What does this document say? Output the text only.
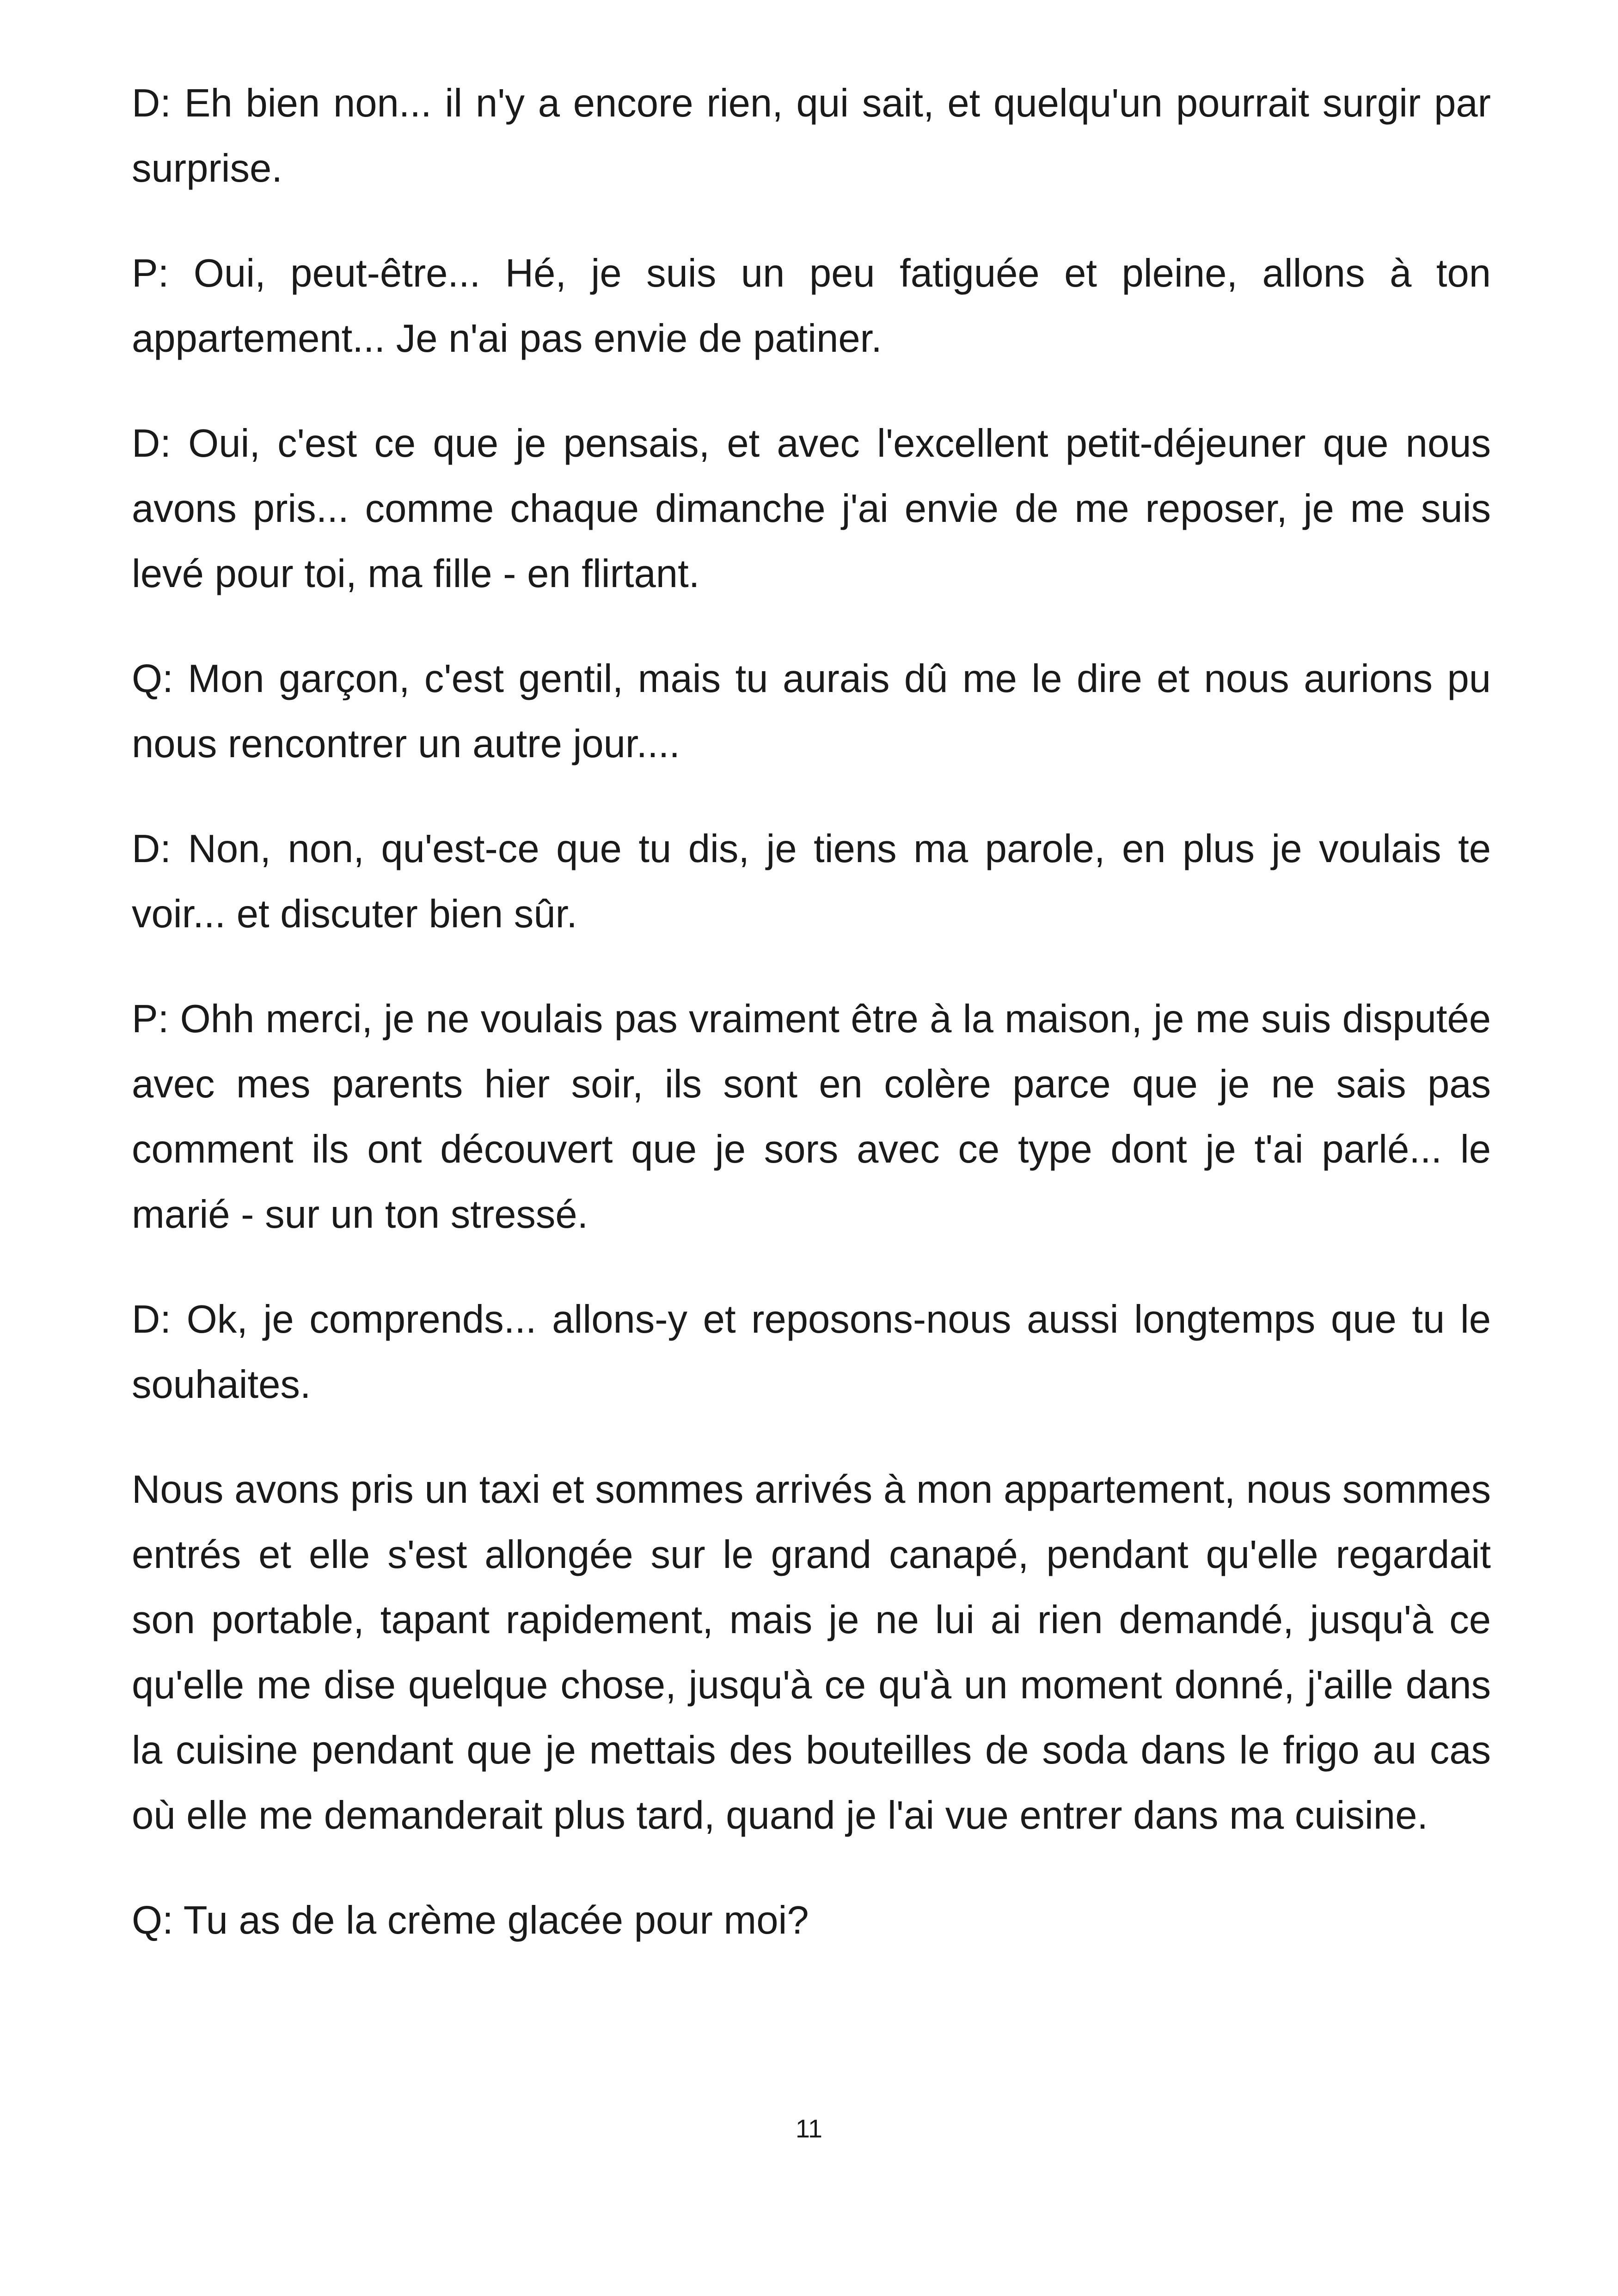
D: Eh bien non... il n'y a encore rien, qui sait, et quelqu'un pourrait surgir par surprise.

P: Oui, peut-être... Hé, je suis un peu fatiguée et pleine, allons à ton appartement... Je n'ai pas envie de patiner.

D: Oui, c'est ce que je pensais, et avec l'excellent petit-déjeuner que nous avons pris... comme chaque dimanche j'ai envie de me reposer, je me suis levé pour toi, ma fille - en flirtant.

Q: Mon garçon, c'est gentil, mais tu aurais dû me le dire et nous aurions pu nous rencontrer un autre jour....

D: Non, non, qu'est-ce que tu dis, je tiens ma parole, en plus je voulais te voir... et discuter bien sûr.

P: Ohh merci, je ne voulais pas vraiment être à la maison, je me suis disputée avec mes parents hier soir, ils sont en colère parce que je ne sais pas comment ils ont découvert que je sors avec ce type dont je t'ai parlé... le marié - sur un ton stressé.

D: Ok, je comprends... allons-y et reposons-nous aussi longtemps que tu le souhaites.

Nous avons pris un taxi et sommes arrivés à mon appartement, nous sommes entrés et elle s'est allongée sur le grand canapé, pendant qu'elle regardait son portable, tapant rapidement, mais je ne lui ai rien demandé, jusqu'à ce qu'elle me dise quelque chose, jusqu'à ce qu'à un moment donné, j'aille dans la cuisine pendant que je mettais des bouteilles de soda dans le frigo au cas où elle me demanderait plus tard, quand je l'ai vue entrer dans ma cuisine.

Q: Tu as de la crème glacée pour moi?

11
